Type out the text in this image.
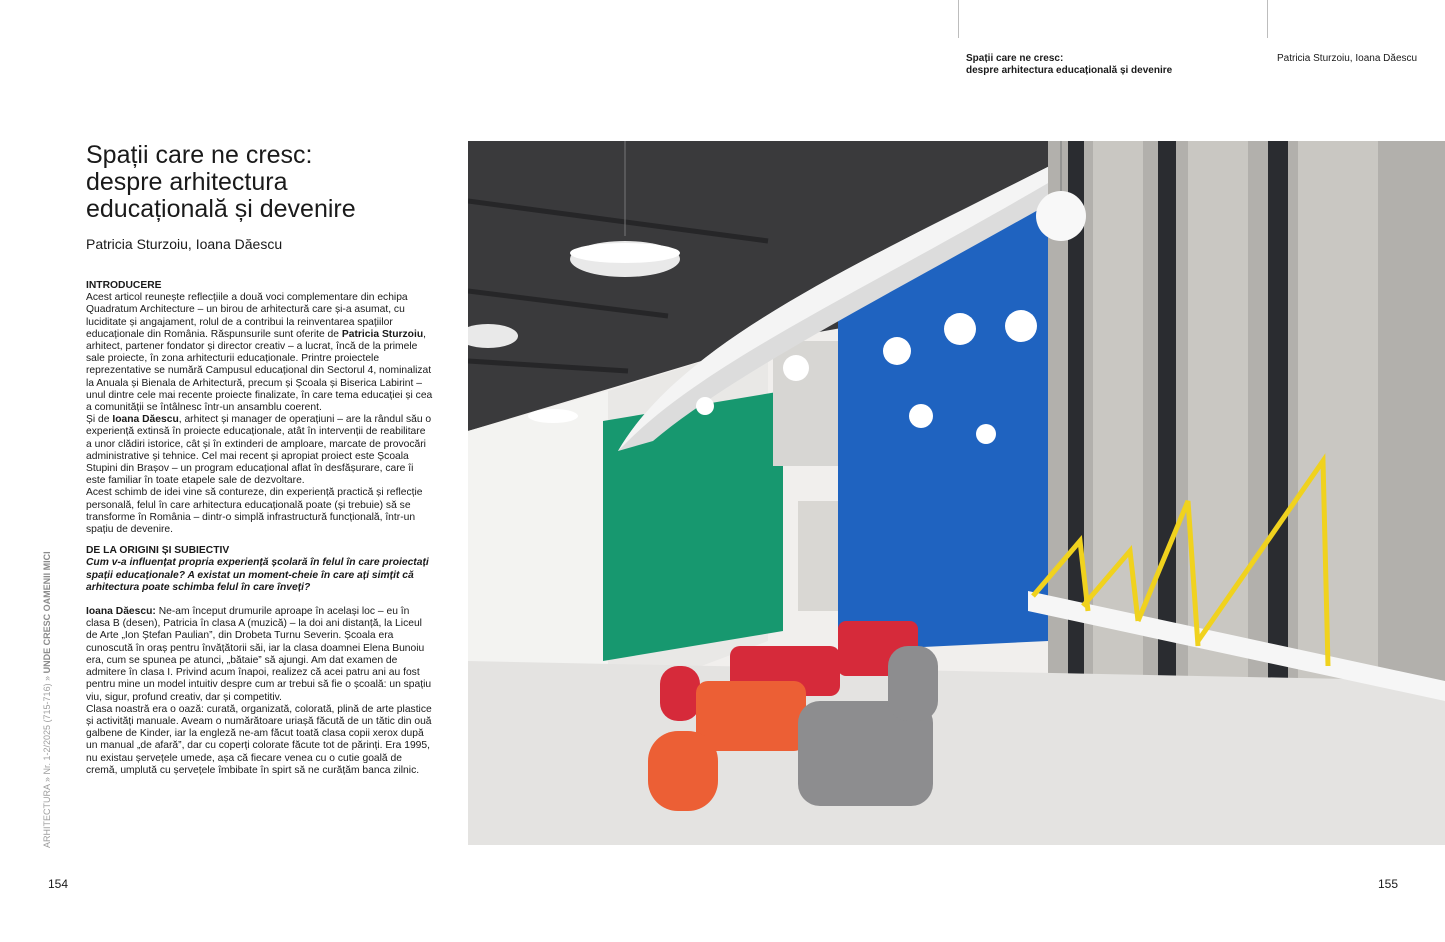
Spații care ne cresc:
despre arhitectura educațională și devenire
Patricia Sturzoiu, Ioana Dăescu
Spații care ne cresc:
despre arhitectura
educațională și devenire

Patricia Sturzoiu, Ioana Dăescu

INTRODUCERE

Acest articol reunește reflecțiile a două voci complementare din echipa Quadratum Architecture – un birou de arhitectură care și-a asumat, cu luciditate și angajament, rolul de a contribui la reinventarea spațiilor educaționale din România. Răspunsurile sunt oferite de Patricia Sturzoiu, arhitect, partener fondator și director creativ – a lucrat, încă de la primele sale proiecte, în zona arhitecturii educaționale. Printre proiectele reprezentative se numără Campusul educațional din Sectorul 4, nominalizat la Anuala și Bienala de Arhitectură, precum și Școala și Biserica Labirint – unul dintre cele mai recente proiecte finalizate, în care tema educației și cea a comunității se întâlnesc într-un ansamblu coerent.

Și de Ioana Dăescu, arhitect și manager de operațiuni – are la rândul său o experiență extinsă în proiecte educaționale, atât în intervenții de reabilitare a unor clădiri istorice, cât și în extinderi de amploare, marcate de provocări administrative și tehnice. Cel mai recent și apropiat proiect este Școala Stupini din Brașov – un program educațional aflat în desfășurare, care îi este familiar în toate etapele sale de dezvoltare.

Acest schimb de idei vine să contureze, din experiență practică și reflecție personală, felul în care arhitectura educațională poate (și trebuie) să se transforme în România – dintr-o simplă infrastructură funcțională, într-un spațiu de devenire.

DE LA ORIGINI ȘI SUBIECTIV

Cum v-a influențat propria experiență școlară în felul în care proiectați spații educaționale? A existat un moment-cheie în care ați simțit că arhitectura poate schimba felul în care înveți?

Ioana Dăescu: Ne-am început drumurile aproape în același loc – eu în clasa B (desen), Patricia în clasa A (muzică) – la doi ani distanță, la Liceul de Arte „Ion Ștefan Paulian”, din Drobeta Turnu Severin. Școala era cunoscută în oraș pentru învățătorii săi, iar la clasa doamnei Elena Bunoiu era, cum se spunea pe atunci, „bătaie” să ajungi. Am dat examen de admitere în clasa I. Privind acum înapoi, realizez că acei patru ani au fost pentru mine un model intuitiv despre cum ar trebui să fie o școală: un spațiu viu, sigur, profund creativ, dar și competitiv.

Clasa noastră era o oază: curată, organizată, colorată, plină de arte plastice și activități manuale. Aveam o numărătoare uriașă făcută de un tătic din ouă galbene de Kinder, iar la engleză ne-am făcut toată clasa copii xerox după un manual „de afară”, dar cu coperți colorate făcute tot de părinți. Era 1995, nu existau șervețele umede, așa că fiecare venea cu o cutie goală de cremă, umplută cu șervețele îmbibate în spirt să ne curățăm banca zilnic.

ARHITECTURA » Nr. 1-2/2025 (715-716) » UNDE CRESC OAMENII MICI
154	155
